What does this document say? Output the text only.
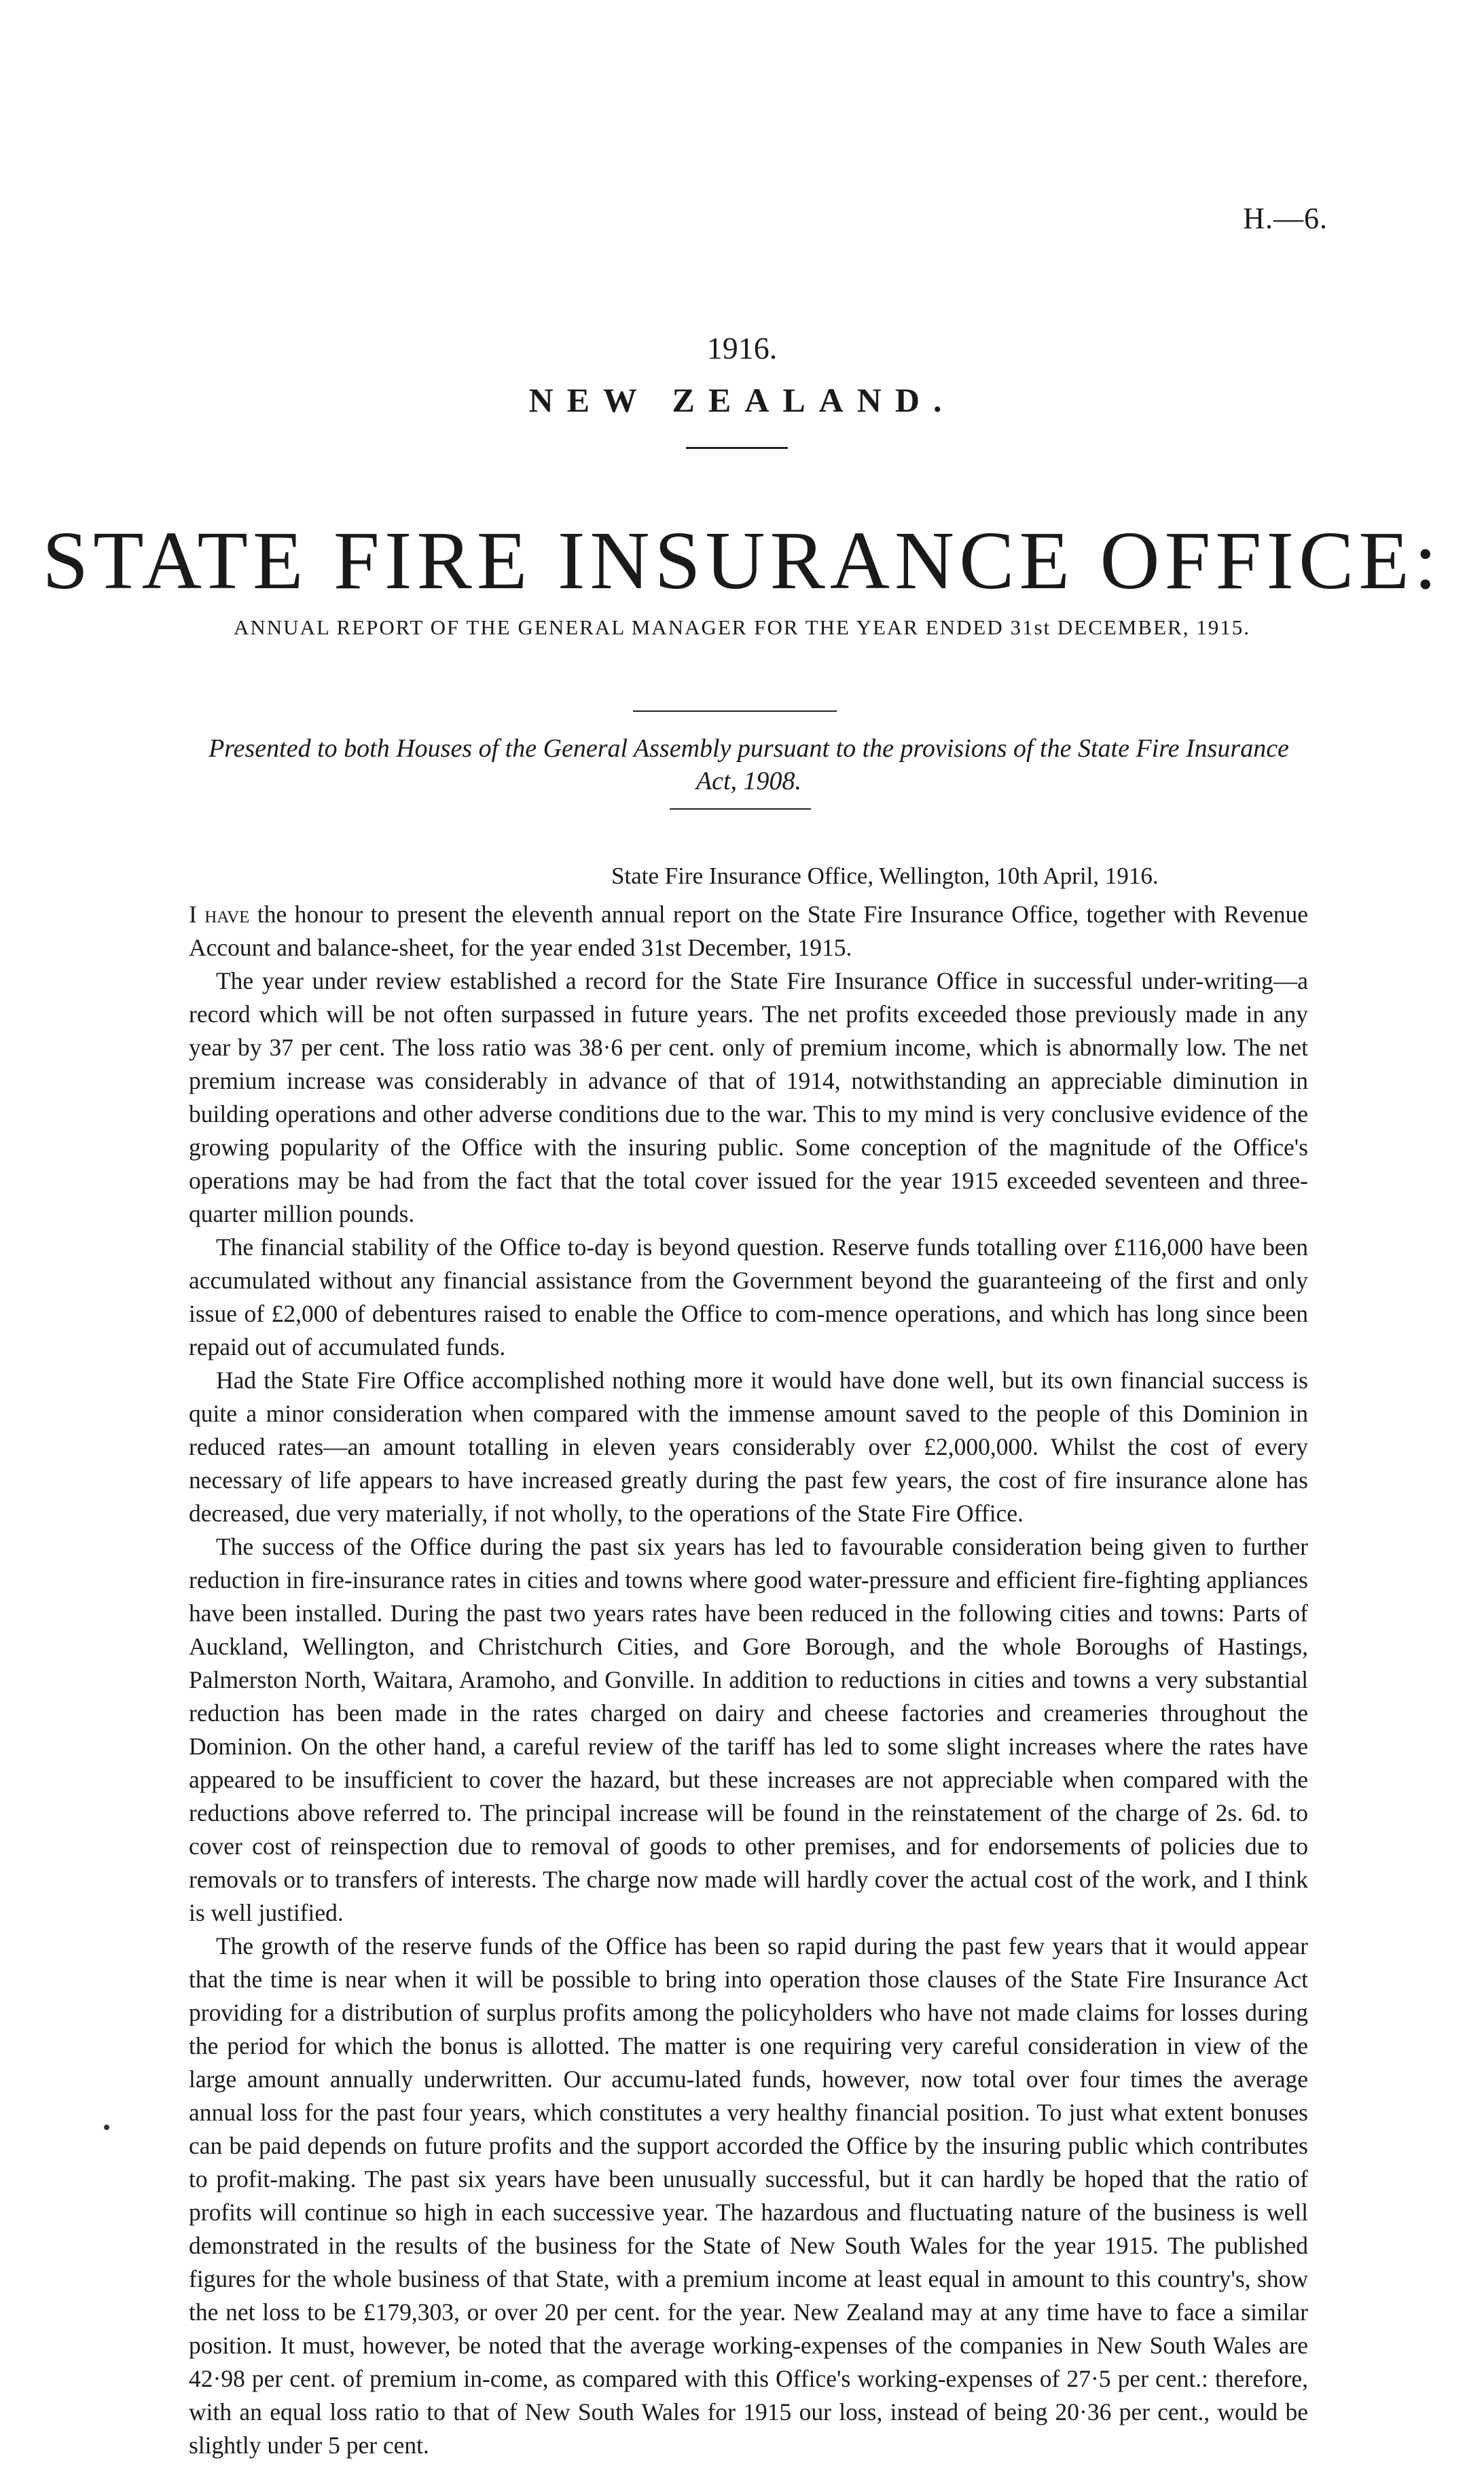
H.—6.
1916.
NEW ZEALAND.
STATE FIRE INSURANCE OFFICE:
ANNUAL REPORT OF THE GENERAL MANAGER FOR THE YEAR ENDED 31st DECEMBER, 1915.
Presented to both Houses of the General Assembly pursuant to the provisions of the State Fire Insurance Act, 1908.
State Fire Insurance Office, Wellington, 10th April, 1916.

I have the honour to present the eleventh annual report on the State Fire Insurance Office, together with Revenue Account and balance-sheet, for the year ended 31st December, 1915.

The year under review established a record for the State Fire Insurance Office in successful under-writing—a record which will be not often surpassed in future years. The net profits exceeded those previously made in any year by 37 per cent. The loss ratio was 38·6 per cent. only of premium income, which is abnormally low. The net premium increase was considerably in advance of that of 1914, notwithstanding an appreciable diminution in building operations and other adverse conditions due to the war. This to my mind is very conclusive evidence of the growing popularity of the Office with the insuring public. Some conception of the magnitude of the Office's operations may be had from the fact that the total cover issued for the year 1915 exceeded seventeen and three-quarter million pounds.

The financial stability of the Office to-day is beyond question. Reserve funds totalling over £116,000 have been accumulated without any financial assistance from the Government beyond the guaranteeing of the first and only issue of £2,000 of debentures raised to enable the Office to com-mence operations, and which has long since been repaid out of accumulated funds.

Had the State Fire Office accomplished nothing more it would have done well, but its own financial success is quite a minor consideration when compared with the immense amount saved to the people of this Dominion in reduced rates—an amount totalling in eleven years considerably over £2,000,000. Whilst the cost of every necessary of life appears to have increased greatly during the past few years, the cost of fire insurance alone has decreased, due very materially, if not wholly, to the operations of the State Fire Office.

The success of the Office during the past six years has led to favourable consideration being given to further reduction in fire-insurance rates in cities and towns where good water-pressure and efficient fire-fighting appliances have been installed. During the past two years rates have been reduced in the following cities and towns: Parts of Auckland, Wellington, and Christchurch Cities, and Gore Borough, and the whole Boroughs of Hastings, Palmerston North, Waitara, Aramoho, and Gonville. In addition to reductions in cities and towns a very substantial reduction has been made in the rates charged on dairy and cheese factories and creameries throughout the Dominion. On the other hand, a careful review of the tariff has led to some slight increases where the rates have appeared to be insufficient to cover the hazard, but these increases are not appreciable when compared with the reductions above referred to. The principal increase will be found in the reinstatement of the charge of 2s. 6d. to cover cost of reinspection due to removal of goods to other premises, and for endorsements of policies due to removals or to transfers of interests. The charge now made will hardly cover the actual cost of the work, and I think is well justified.

The growth of the reserve funds of the Office has been so rapid during the past few years that it would appear that the time is near when it will be possible to bring into operation those clauses of the State Fire Insurance Act providing for a distribution of surplus profits among the policyholders who have not made claims for losses during the period for which the bonus is allotted. The matter is one requiring very careful consideration in view of the large amount annually underwritten. Our accumu-lated funds, however, now total over four times the average annual loss for the past four years, which constitutes a very healthy financial position. To just what extent bonuses can be paid depends on future profits and the support accorded the Office by the insuring public which contributes to profit-making. The past six years have been unusually successful, but it can hardly be hoped that the ratio of profits will continue so high in each successive year. The hazardous and fluctuating nature of the business is well demonstrated in the results of the business for the State of New South Wales for the year 1915. The published figures for the whole business of that State, with a premium income at least equal in amount to this country's, show the net loss to be £179,303, or over 20 per cent. for the year. New Zealand may at any time have to face a similar position. It must, however, be noted that the average working-expenses of the companies in New South Wales are 42·98 per cent. of premium in-come, as compared with this Office's working-expenses of 27·5 per cent.: therefore, with an equal loss ratio to that of New South Wales for 1915 our loss, instead of being 20·36 per cent., would be slightly under 5 per cent.
